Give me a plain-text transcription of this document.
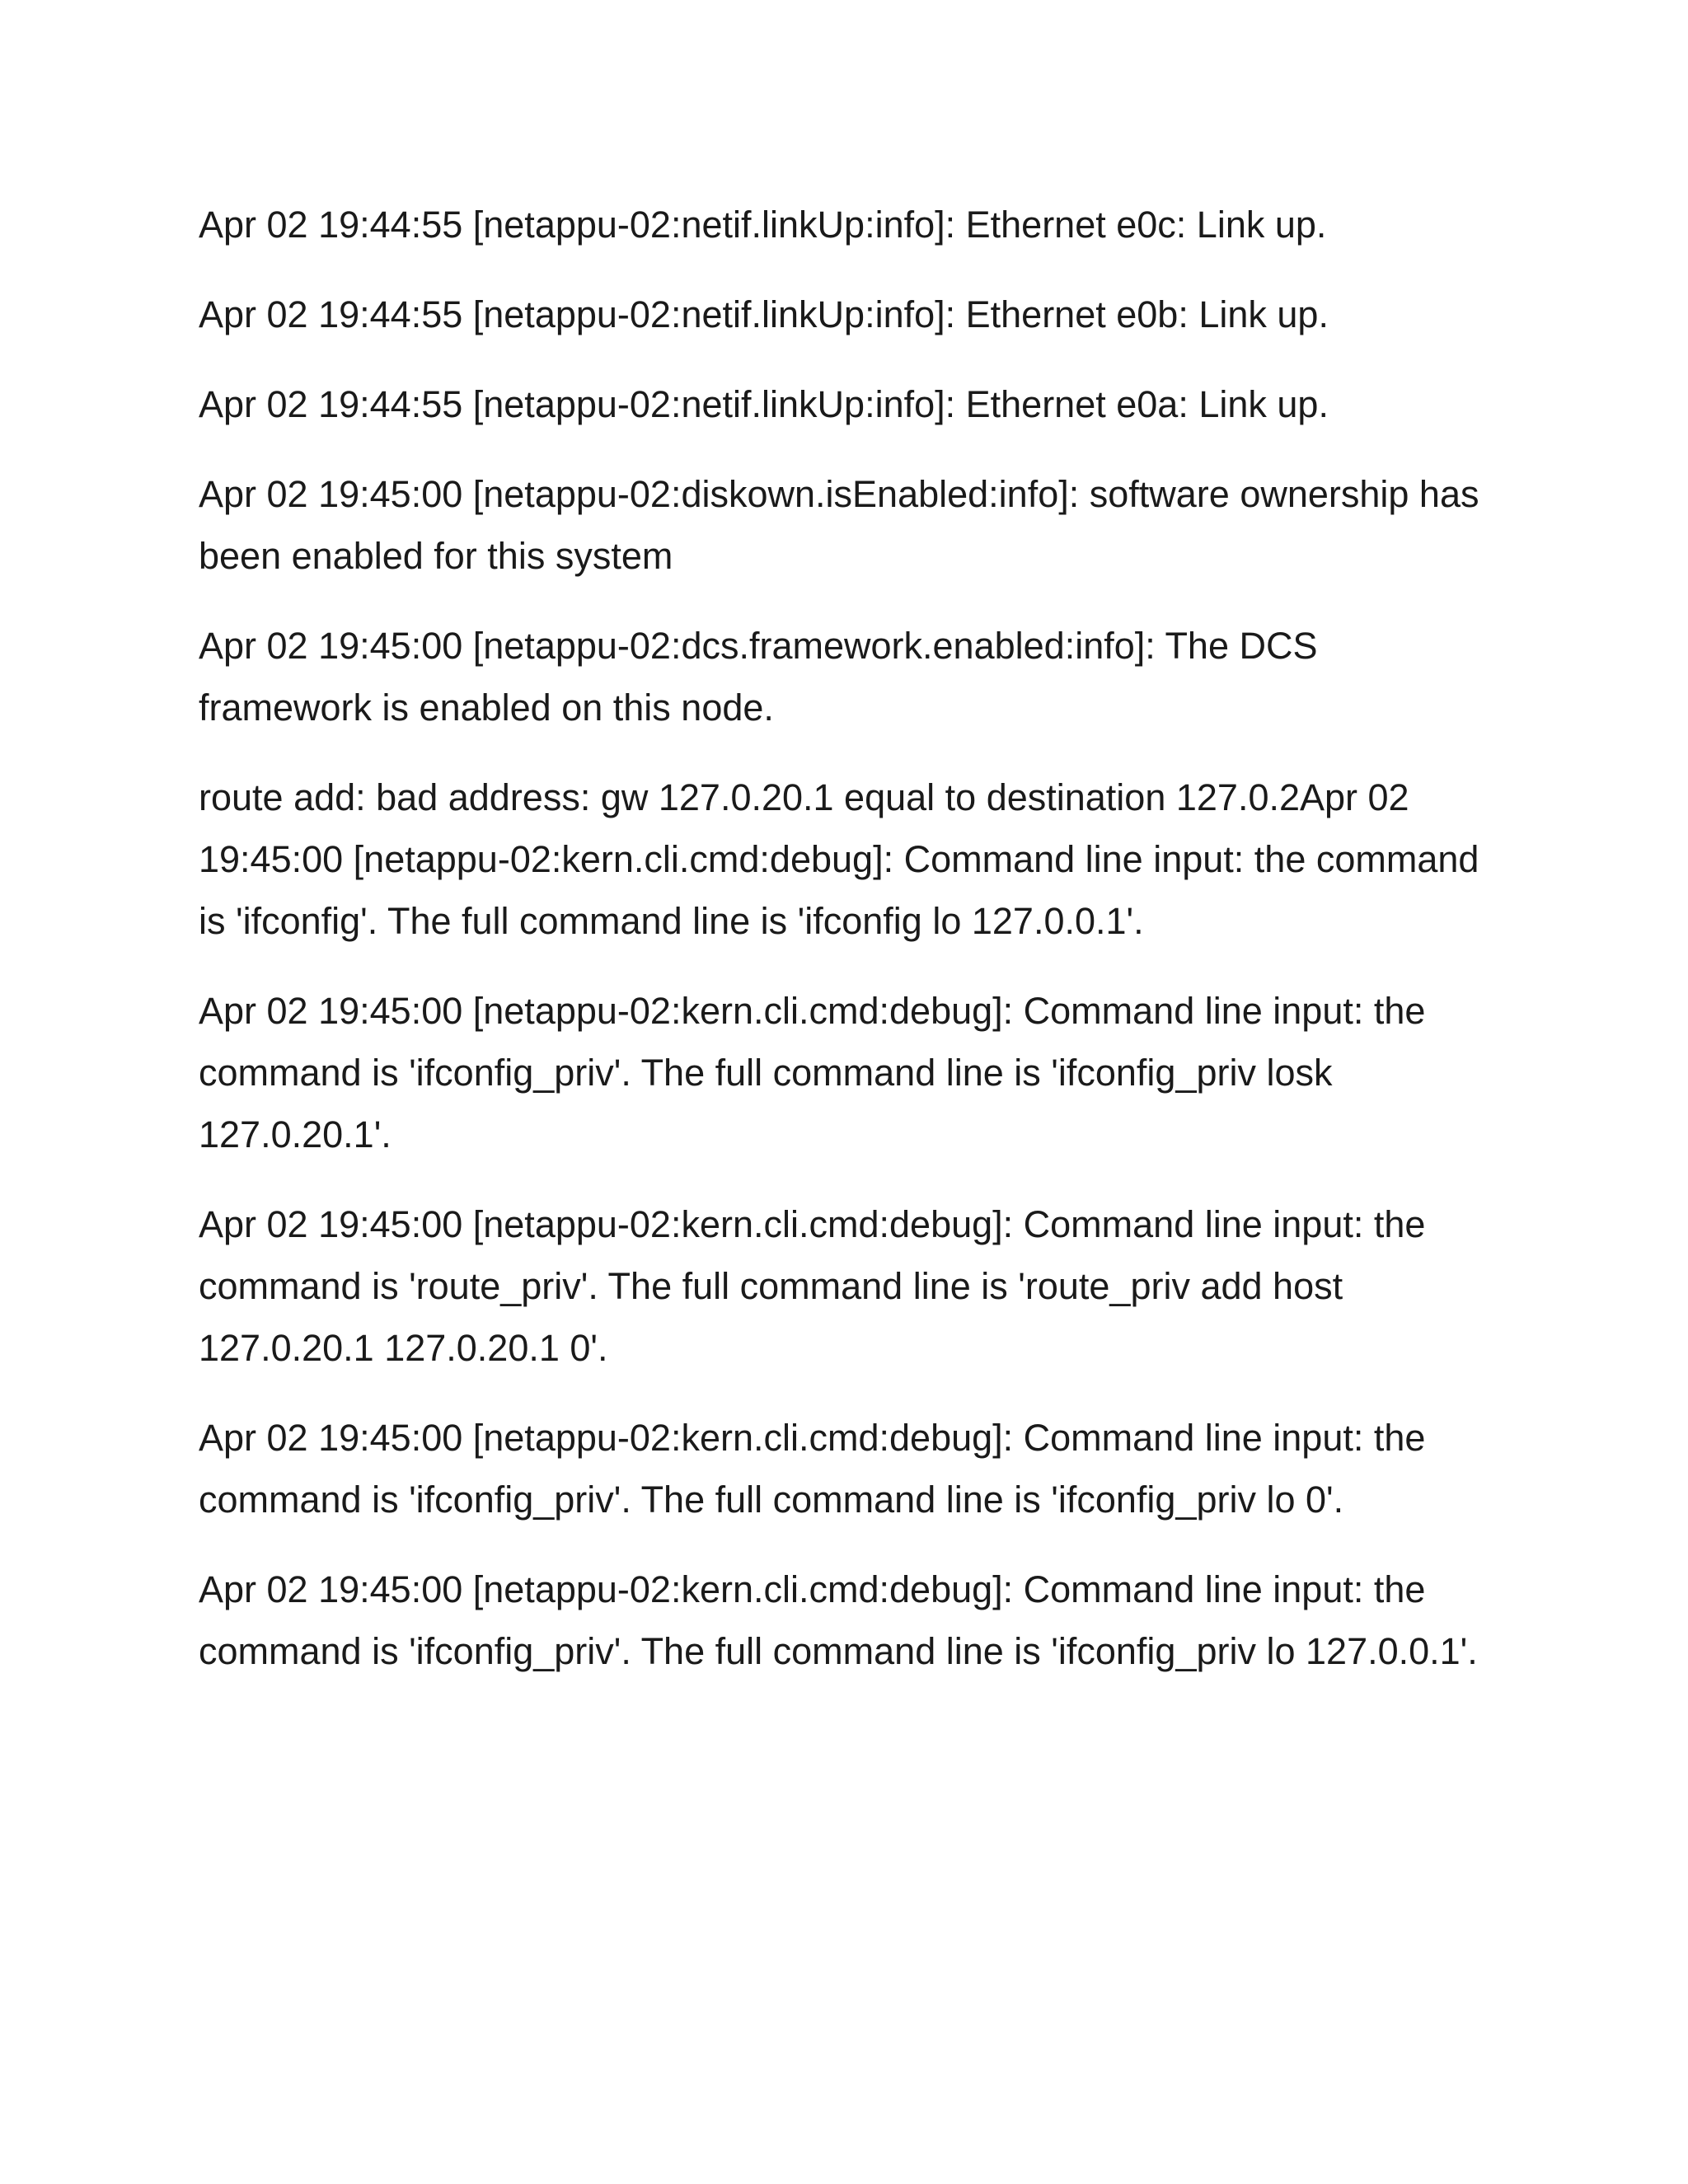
Apr 02 19:44:55 [netappu-02:netif.linkUp:info]: Ethernet e0c: Link up.

Apr 02 19:44:55 [netappu-02:netif.linkUp:info]: Ethernet e0b: Link up.

Apr 02 19:44:55 [netappu-02:netif.linkUp:info]: Ethernet e0a: Link up.

Apr 02 19:45:00 [netappu-02:diskown.isEnabled:info]: software ownership has been enabled for this system

Apr 02 19:45:00 [netappu-02:dcs.framework.enabled:info]: The DCS framework is enabled on this node.

route add: bad address: gw 127.0.20.1 equal to destination 127.0.2Apr 02 19:45:00 [netappu-02:kern.cli.cmd:debug]: Command line input: the command is 'ifconfig'. The full command line is 'ifconfig lo 127.0.0.1'.

Apr 02 19:45:00 [netappu-02:kern.cli.cmd:debug]: Command line input: the command is 'ifconfig_priv'. The full command line is 'ifconfig_priv losk 127.0.20.1'.

Apr 02 19:45:00 [netappu-02:kern.cli.cmd:debug]: Command line input: the command is 'route_priv'. The full command line is 'route_priv add host 127.0.20.1 127.0.20.1 0'.

Apr 02 19:45:00 [netappu-02:kern.cli.cmd:debug]: Command line input: the command is 'ifconfig_priv'. The full command line is 'ifconfig_priv lo 0'.

Apr 02 19:45:00 [netappu-02:kern.cli.cmd:debug]: Command line input: the command is 'ifconfig_priv'. The full command line is 'ifconfig_priv lo 127.0.0.1'.
